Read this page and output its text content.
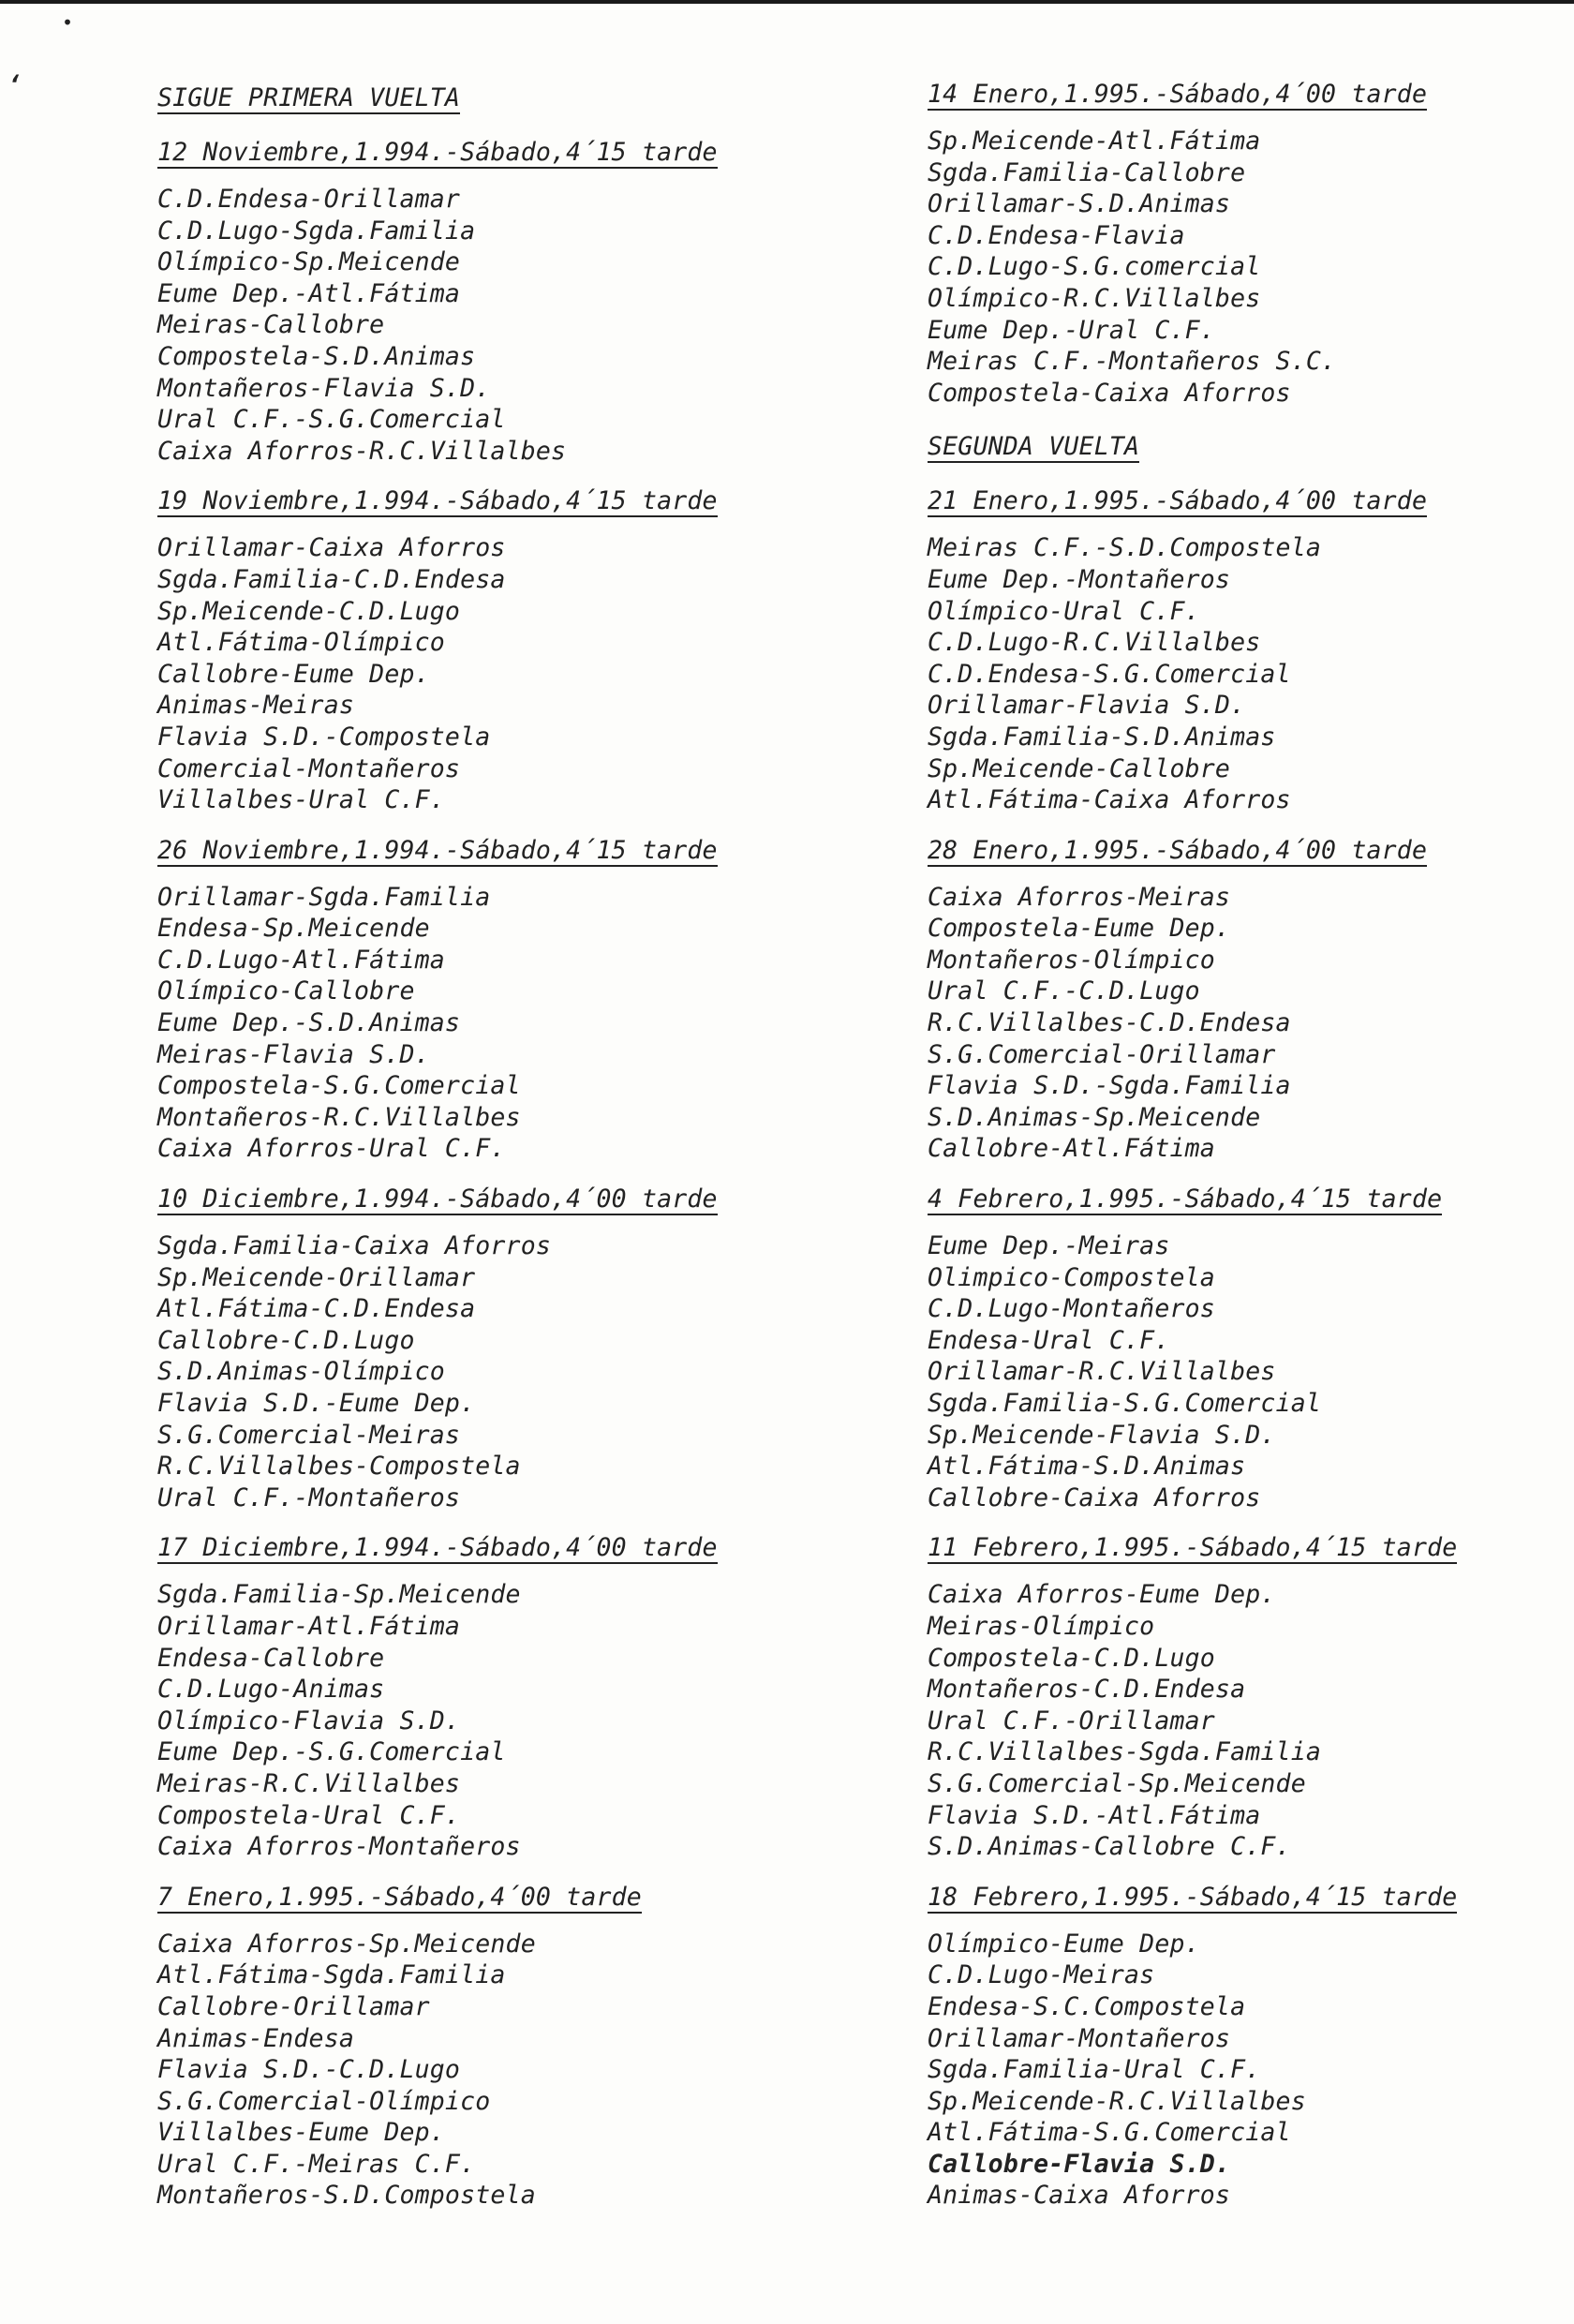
•
‘	SIGUE PRIMERA VUELTA
12 Noviembre,1.994.-Sábado,4´15 tarde
C.D.Endesa-Orillamar
C.D.Lugo-Sgda.Familia
Olímpico-Sp.Meicende
Eume Dep.-Atl.Fátima
Meiras-Callobre
Compostela-S.D.Animas
Montañeros-Flavia S.D.
Ural C.F.-S.G.Comercial
Caixa Aforros-R.C.Villalbes
19 Noviembre,1.994.-Sábado,4´15 tarde
Orillamar-Caixa Aforros
Sgda.Familia-C.D.Endesa
Sp.Meicende-C.D.Lugo
Atl.Fátima-Olímpico
Callobre-Eume Dep.
Animas-Meiras
Flavia S.D.-Compostela
Comercial-Montañeros
Villalbes-Ural C.F.
26 Noviembre,1.994.-Sábado,4´15 tarde
Orillamar-Sgda.Familia
Endesa-Sp.Meicende
C.D.Lugo-Atl.Fátima
Olímpico-Callobre
Eume Dep.-S.D.Animas
Meiras-Flavia S.D.
Compostela-S.G.Comercial
Montañeros-R.C.Villalbes
Caixa Aforros-Ural C.F.
10 Diciembre,1.994.-Sábado,4´00 tarde
Sgda.Familia-Caixa Aforros
Sp.Meicende-Orillamar
Atl.Fátima-C.D.Endesa
Callobre-C.D.Lugo
S.D.Animas-Olímpico
Flavia S.D.-Eume Dep.
S.G.Comercial-Meiras
R.C.Villalbes-Compostela
Ural C.F.-Montañeros
17 Diciembre,1.994.-Sábado,4´00 tarde
Sgda.Familia-Sp.Meicende
Orillamar-Atl.Fátima
Endesa-Callobre
C.D.Lugo-Animas
Olímpico-Flavia S.D.
Eume Dep.-S.G.Comercial
Meiras-R.C.Villalbes
Compostela-Ural C.F.
Caixa Aforros-Montañeros
7 Enero,1.995.-Sábado,4´00 tarde
Caixa Aforros-Sp.Meicende
Atl.Fátima-Sgda.Familia
Callobre-Orillamar
Animas-Endesa
Flavia S.D.-C.D.Lugo
S.G.Comercial-Olímpico
Villalbes-Eume Dep.
Ural C.F.-Meiras C.F.
Montañeros-S.D.Compostela
14 Enero,1.995.-Sábado,4´00 tarde
Sp.Meicende-Atl.Fátima
Sgda.Familia-Callobre
Orillamar-S.D.Animas
C.D.Endesa-Flavia
C.D.Lugo-S.G.comercial
Olímpico-R.C.Villalbes
Eume Dep.-Ural C.F.
Meiras C.F.-Montañeros S.C.
Compostela-Caixa Aforros
SEGUNDA VUELTA
21 Enero,1.995.-Sábado,4´00 tarde
Meiras C.F.-S.D.Compostela
Eume Dep.-Montañeros
Olímpico-Ural C.F.
C.D.Lugo-R.C.Villalbes
C.D.Endesa-S.G.Comercial
Orillamar-Flavia S.D.
Sgda.Familia-S.D.Animas
Sp.Meicende-Callobre
Atl.Fátima-Caixa Aforros
28 Enero,1.995.-Sábado,4´00 tarde
Caixa Aforros-Meiras
Compostela-Eume Dep.
Montañeros-Olímpico
Ural C.F.-C.D.Lugo
R.C.Villalbes-C.D.Endesa
S.G.Comercial-Orillamar
Flavia S.D.-Sgda.Familia
S.D.Animas-Sp.Meicende
Callobre-Atl.Fátima
4 Febrero,1.995.-Sábado,4´15 tarde
Eume Dep.-Meiras
Olimpico-Compostela
C.D.Lugo-Montañeros
Endesa-Ural C.F.
Orillamar-R.C.Villalbes
Sgda.Familia-S.G.Comercial
Sp.Meicende-Flavia S.D.
Atl.Fátima-S.D.Animas
Callobre-Caixa Aforros
11 Febrero,1.995.-Sábado,4´15 tarde
Caixa Aforros-Eume Dep.
Meiras-Olímpico
Compostela-C.D.Lugo
Montañeros-C.D.Endesa
Ural C.F.-Orillamar
R.C.Villalbes-Sgda.Familia
S.G.Comercial-Sp.Meicende
Flavia S.D.-Atl.Fátima
S.D.Animas-Callobre C.F.
18 Febrero,1.995.-Sábado,4´15 tarde
Olímpico-Eume Dep.
C.D.Lugo-Meiras
Endesa-S.C.Compostela
Orillamar-Montañeros
Sgda.Familia-Ural C.F.
Sp.Meicende-R.C.Villalbes
Atl.Fátima-S.G.Comercial
Callobre-Flavia S.D.
Animas-Caixa Aforros
